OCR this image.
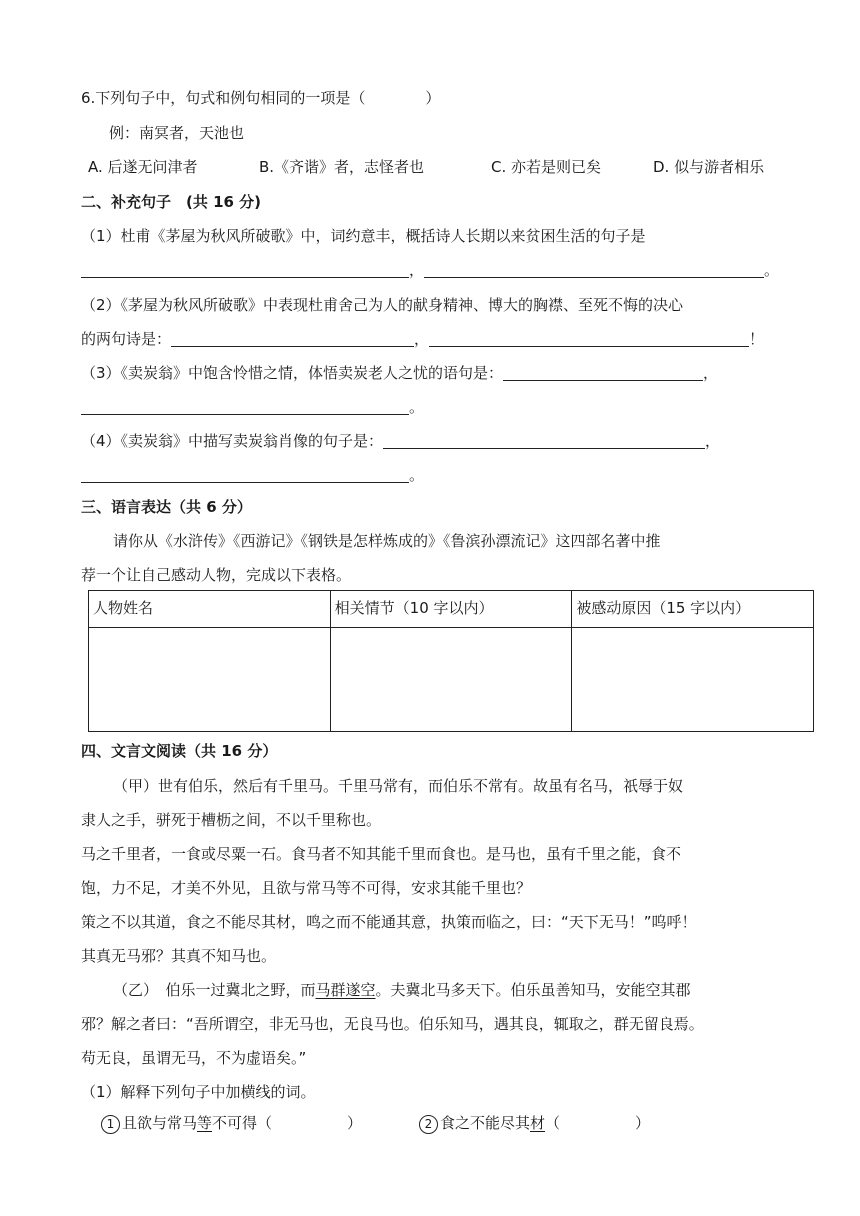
6.下列句子中，句式和例句相同的一项是（　　　　）
例：南冥者，天池也
A. 后遂无问津者	B.《齐谐》者，志怪者也	C. 亦若是则已矣	D. 似与游者相乐
二、补充句子　(共 16 分)
（1）杜甫《茅屋为秋风所破歌》中，词约意丰，概括诗人长期以来贫困生活的句子是
，	。
（2）《茅屋为秋风所破歌》中表现杜甫舍己为人的献身精神、博大的胸襟、至死不悔的决心
的两句诗是：	，	！
（3）《卖炭翁》中饱含怜惜之情，体悟卖炭老人之忧的语句是：	，
。
（4）《卖炭翁》中描写卖炭翁肖像的句子是：	，
。
三、语言表达（共 6 分）
请你从《水浒传》《西游记》《钢铁是怎样炼成的》《鲁滨孙漂流记》这四部名著中推
荐一个让自己感动人物，完成以下表格。
人物姓名	相关情节（10 字以内）	被感动原因（15 字以内）

四、文言文阅读（共 16 分）
（甲）世有伯乐，然后有千里马。千里马常有，而伯乐不常有。故虽有名马，祇辱于奴
隶人之手，骈死于槽枥之间，不以千里称也。
马之千里者，一食或尽粟一石。食马者不知其能千里而食也。是马也，虽有千里之能，食不
饱，力不足，才美不外见，且欲与常马等不可得，安求其能千里也？
策之不以其道，食之不能尽其材，鸣之而不能通其意，执策而临之，曰：“天下无马！”呜呼！
其真无马邪？其真不知马也。
（乙）　伯乐一过冀北之野，而马群遂空。夫冀北马多天下。伯乐虽善知马，安能空其郡
邪？解之者曰：“吾所谓空，非无马也，无良马也。伯乐知马，遇其良，辄取之，群无留良焉。
苟无良，虽谓无马，不为虚语矣。”
（1）解释下列句子中加横线的词。
1 且欲与常马等不可得（　　　　　）	2 食之不能尽其材（　　　　　）
